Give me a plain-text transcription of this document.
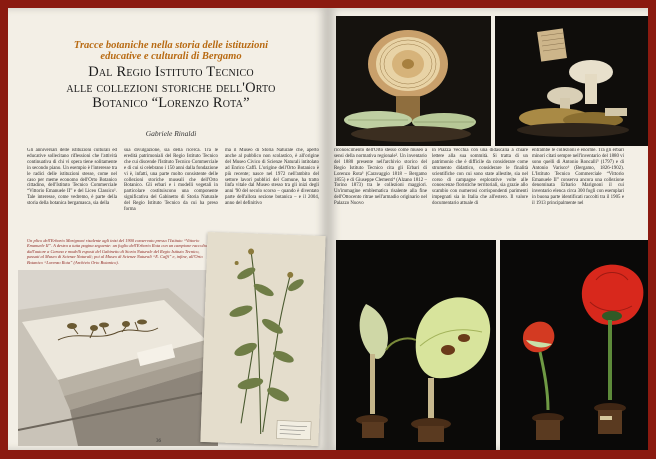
Tracce botaniche nella storia delle istituzioni
educative e culturali di Bergamo
Dal Regio Istituto Tecnico
alle collezioni storiche dell'Orto
Botanico “Lorenzo Rota”
Gabriele Rinaldi
Gli anniversari delle istituzioni culturali ed educative sollecitano riflessioni che l'attività continuativa di chi vi opera tiene solitamente in secondo piano. Un esempio è l'interesse tra le radici delle istituzioni stesse, come nel caso per meme economo dell'Orto Botanico cittadino, dell'Istituto Tecnico Commerciale “Vittorio Emanuele II” e del Liceo Classico¹. Tale interesse, come vedremo, è parte della storia della botanica bergamasca, sia della
sua divulgazione, sia della ricerca. Tra le eredità patrimoniali del Regio Istituto Tecnico che cui discende l'Istituto Tecnico Commerciale e di cui si celebrano i 150 anni dalla fondazione vi è, infatti, una parte molto consistente delle collezioni storiche museali che dell'Orto Botanico. Gli erbari e i modelli vegetali in particolare costituiscono una componente significativa del Gabinetto di Storia Naturale del Regio Istituto Tecnico da cui ha preso forma
ma il Museo di Storia Naturale che, aperto anche al pubblico non scolastico, è all'origine del Museo Civico di Scienze Naturali intitolato ad Enrico Caffi. L'origine dell'Orto Botanico è più recente; nasce nel 1972 nell'ambito del settore lavori pubblici del Comune, ha tratto linfa vitale dal Museo stesso tra gli inizi degli anni '90 del secolo scorso – quando è diventato parte dell'allora sezione botanica – e il 2004, anno del definitivo
Un plico dell'Erbario Marignoni risalente agli inizi del 1900 conservato presso l'Istituto “Vittorio Emanuele II”. A destra a tutta pagina seguente: un foglio dell'Erbario Rota con un campione raccolto dall'autore a Carona e modelli esposti del Gabinetto di Storia Naturale del Regio Istituto Tecnico, passati al Museo di Scienze Naturali; poi al Museo di Scienze Naturali “E. Caffi” e, infine, all'Orto Botanico “Lorenzo Rota” (Archivio Orto Botanico).
36
riconoscimento dell'Orto stesso come museo a sensi della normativa regionale². Un inventario del 1880 presente nell'archivio storico del Regio Istituto Tecnico cita gli Erbari di Lorenzo Rota³ (Caravaggio 1818 – Bergamo 1855) e di Giuseppe Clementi⁴ (Alzano 1812 – Torino 1873) tra le collezioni maggiori. Un'immagine emblematica risalente alla fine dell'Ottocento ritrae nell'armadio originario nel Palazzo Nuovo
in Piazza Vecchia con una didascalia a chiare lettere alla sua sommità. Si tratta di un patrimonio che è difficile da considerare come strumento didattico, considerare le finalità scientifiche con cui sono state allestite, sia nel corso di campagne esplorative volte alle conoscenze floristiche territoriali, sia grazie allo scambio con numerosi corrispondenti parimenti impegnati sia in Italia che all'estero. Il valore documentario attuale di
entrambe le collezioni è enorme. Tra gli erbari minori citati sempre nell'inventario del 1880 vi sono quelli di Antonio Roncalli⁵ (1797) e di Antonio Varisco⁶ (Bergamo, 1826-1902). L'Istituto Tecnico Commerciale “Vittorio Emanuele II” conserva ancora una collezione denominata Erbario Marignoni il cui inventario elenca circa 300 fogli con esemplari in buona parte identificati raccolti tra il 1905 e il 1913 principalmente nel
